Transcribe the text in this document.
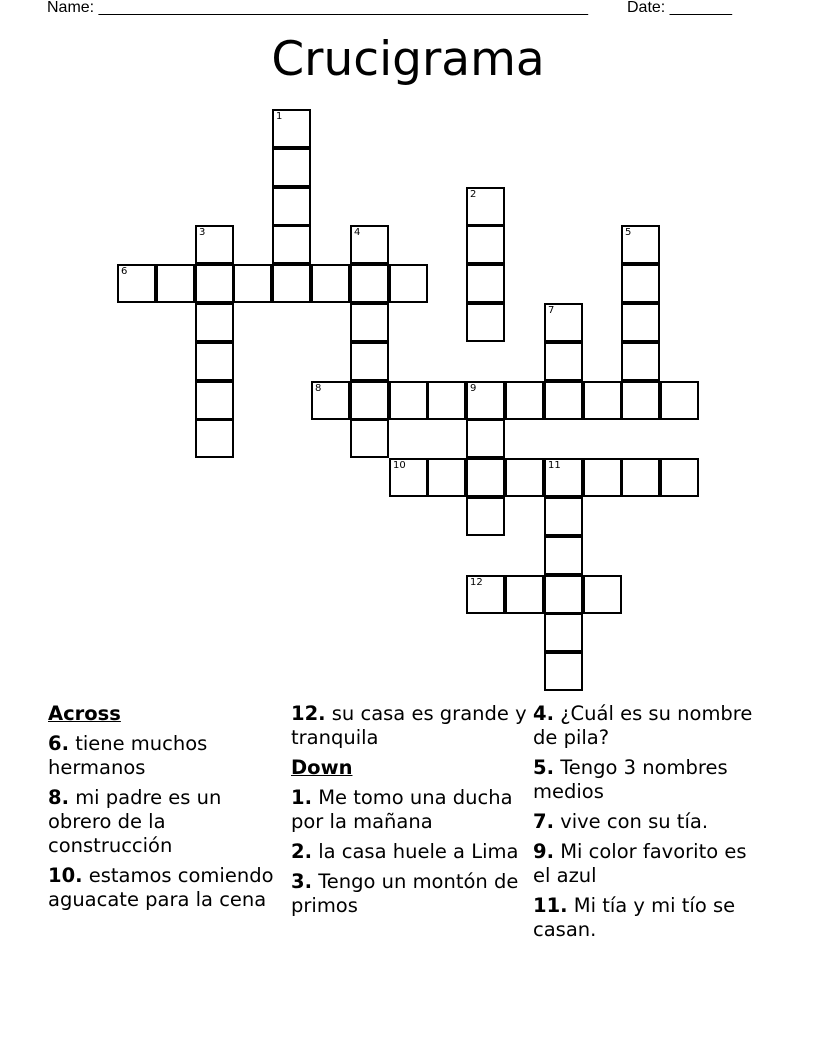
Name: _______________________________________________________ Date: _______
Crucigrama
1
2
3	4	5
6
7
8	9
10	11
12
Across
6. tiene muchos hermanos
8. mi padre es un obrero de la construcción
10. estamos comiendo aguacate para la cena
12. su casa es grande y tranquila
Down
1. Me tomo una ducha por la mañana
2. la casa huele a Lima
3. Tengo un montón de primos
4. ¿Cuál es su nombre de pila?
5. Tengo 3 nombres medios
7. vive con su tía.
9. Mi color favorito es el azul
11. Mi tía y mi tío se casan.
